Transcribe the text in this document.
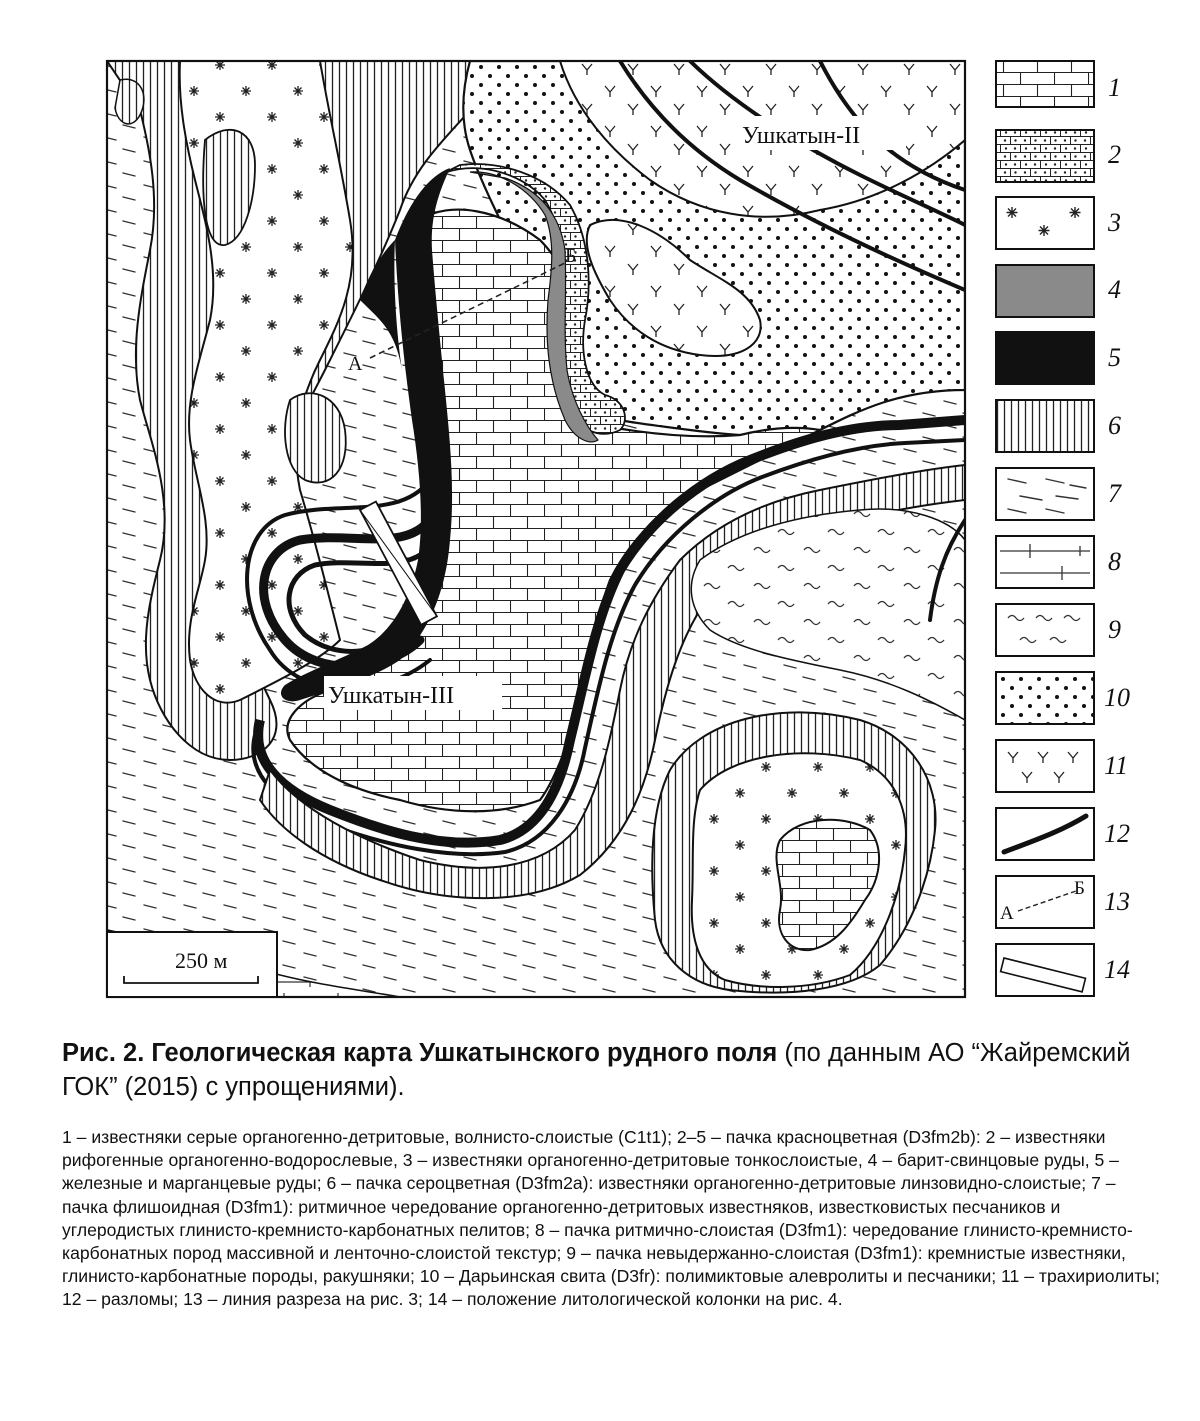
Ушкатын-II
Ушкатын-III
А
Б
250 м
1
2
3
4
5
6
7
8
9
10
11
12
А
Б 13
14
Рис. 2. Геологическая карта Ушкатынского рудного поля (по данным АО “Жайремский ГОК” (2015) с упрощениями).
1 – известняки серые органогенно-детритовые, волнисто-слоистые (C1t1); 2–5 – пачка красноцветная (D3fm2b): 2 – известняки рифогенные органогенно-водорослевые, 3 – известняки органогенно-детритовые тонкослоистые, 4 – барит-свинцовые руды, 5 – железные и марганцевые руды; 6 – пачка сероцветная (D3fm2a): известняки органогенно-детритовые линзовидно-слоистые; 7 – пачка флишоидная (D3fm1): ритмичное чередование органогенно-детритовых известняков, известковистых песчаников и углеродистых глинисто-кремнисто-карбонатных пелитов; 8 – пачка ритмично-слоистая (D3fm1): чередование глинисто-кремнисто-карбонатных пород массивной и ленточно-слоистой текстур; 9 – пачка невыдержанно-слоистая (D3fm1): кремнистые известняки, глинисто-карбонатные породы, ракушняки; 10 – Дарьинская свита (D3fr): полимиктовые алевролиты и песчаники; 11 – трахириолиты; 12 – разломы; 13 – линия разреза на рис. 3; 14 – положение литологической колонки на рис. 4.
